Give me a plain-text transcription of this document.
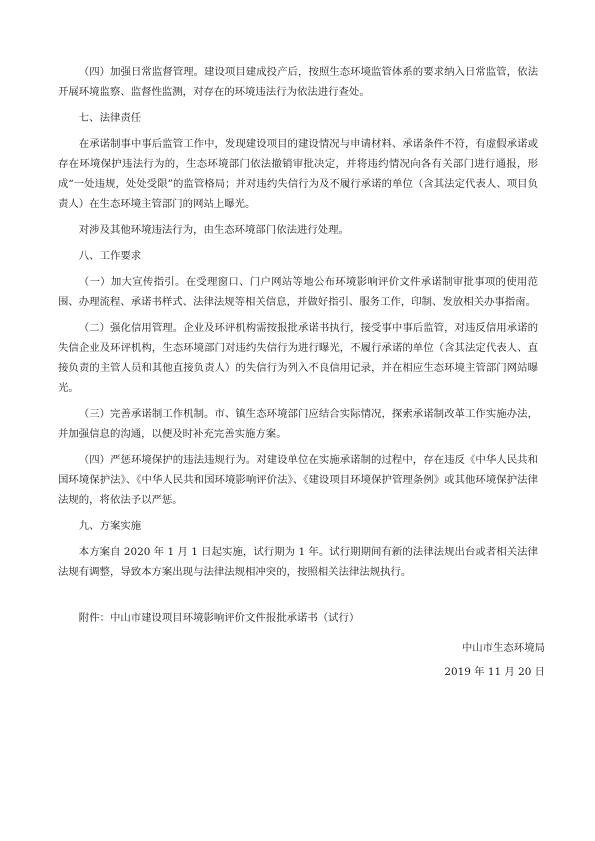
（四）加强日常监督管理。建设项目建成投产后，按照生态环境监管体系的要求纳入日常监管，依法开展环境监察、监督性监测，对存在的环境违法行为依法进行查处。

七、法律责任

在承诺制事中事后监管工作中，发现建设项目的建设情况与申请材料、承诺条件不符，有虚假承诺或存在环境保护违法行为的，生态环境部门依法撤销审批决定，并将违约情况向各有关部门进行通报，形成“一处违规，处处受限”的监管格局；并对违约失信行为及不履行承诺的单位（含其法定代表人、项目负责人）在生态环境主管部门的网站上曝光。

对涉及其他环境违法行为，由生态环境部门依法进行处理。

八、工作要求

（一）加大宣传指引。在受理窗口、门户网站等地公布环境影响评价文件承诺制审批事项的使用范围、办理流程、承诺书样式、法律法规等相关信息，并做好指引、服务工作，印制、发放相关办事指南。

（二）强化信用管理。企业及环评机构需按报批承诺书执行，接受事中事后监管，对违反信用承诺的失信企业及环评机构，生态环境部门对违约失信行为进行曝光，不履行承诺的单位（含其法定代表人、直接负责的主管人员和其他直接负责人）的失信行为列入不良信用记录，并在相应生态环境主管部门网站曝光。

（三）完善承诺制工作机制。市、镇生态环境部门应结合实际情况，探索承诺制改革工作实施办法，并加强信息的沟通，以便及时补充完善实施方案。

（四）严惩环境保护的违法违规行为。对建设单位在实施承诺制的过程中，存在违反《中华人民共和国环境保护法》、《中华人民共和国环境影响评价法》、《建设项目环境保护管理条例》或其他环境保护法律法规的，将依法予以严惩。

九、方案实施

本方案自 2020 年 1 月 1 日起实施，试行期为 1 年。试行期期间有新的法律法规出台或者相关法律法规有调整，导致本方案出现与法律法规相冲突的，按照相关法律法规执行。

附件：中山市建设项目环境影响评价文件报批承诺书（试行）

中山市生态环境局
2019 年 11 月 20 日
